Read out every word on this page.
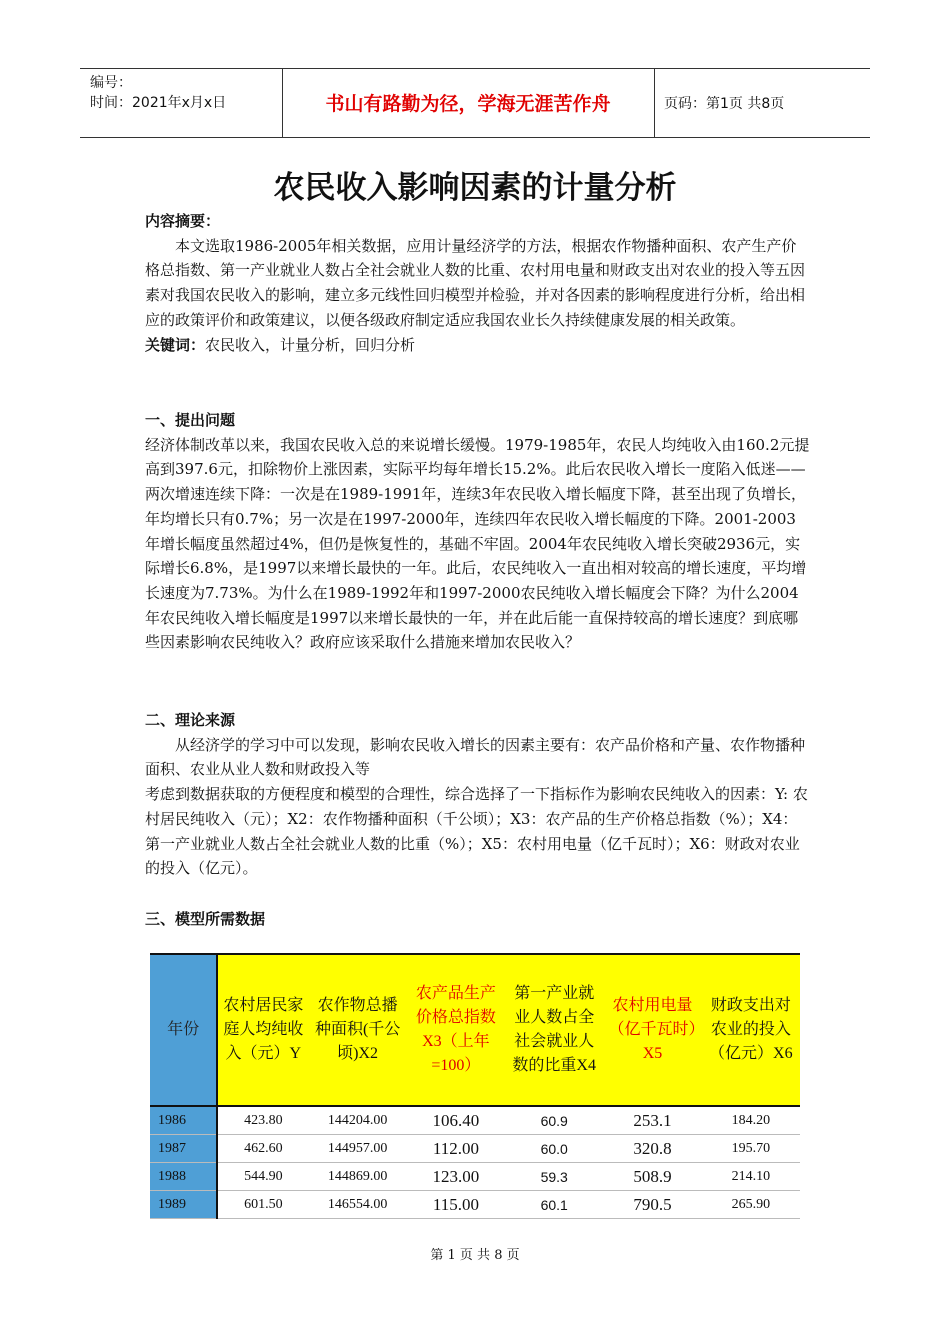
编号：
时间：2021年x月x日	书山有路勤为径，学海无涯苦作舟	页码：第1页 共8页
农民收入影响因素的计量分析
内容摘要：
本文选取1986-2005年相关数据，应用计量经济学的方法，根据农作物播种面积、农产生产价格总指数、第一产业就业人数占全社会就业人数的比重、农村用电量和财政支出对农业的投入等五因素对我国农民收入的影响，建立多元线性回归模型并检验，并对各因素的影响程度进行分析，给出相应的政策评价和政策建议，以便各级政府制定适应我国农业长久持续健康发展的相关政策。
关键词：农民收入，计量分析，回归分析
一、提出问题
经济体制改革以来，我国农民收入总的来说增长缓慢。1979-1985年，农民人均纯收入由160.2元提高到397.6元，扣除物价上涨因素，实际平均每年增长15.2%。此后农民收入增长一度陷入低迷——两次增速连续下降：一次是在1989-1991年，连续3年农民收入增长幅度下降，甚至出现了负增长，年均增长只有0.7%；另一次是在1997-2000年，连续四年农民收入增长幅度的下降。2001-2003年增长幅度虽然超过4%，但仍是恢复性的，基础不牢固。2004年农民纯收入增长突破2936元，实际增长6.8%，是1997以来增长最快的一年。此后，农民纯收入一直出相对较高的增长速度，平均增长速度为7.73%。为什么在1989-1992年和1997-2000农民纯收入增长幅度会下降？为什么2004年农民纯收入增长幅度是1997以来增长最快的一年，并在此后能一直保持较高的增长速度？到底哪些因素影响农民纯收入？政府应该采取什么措施来增加农民收入？
二、理论来源
从经济学的学习中可以发现，影响农民收入增长的因素主要有：农产品价格和产量、农作物播种面积、农业从业人数和财政投入等
考虑到数据获取的方便程度和模型的合理性，综合选择了一下指标作为影响农民纯收入的因素：Y: 农村居民纯收入（元）；X2：农作物播种面积（千公顷）；X3：农产品的生产价格总指数（%）；X4：第一产业就业人数占全社会就业人数的比重（%）；X5：农村用电量（亿千瓦时）；X6：财政对农业的投入（亿元）。
三、模型所需数据
年份	农村居民家庭人均纯收入（元）Y	农作物总播种面积(千公顷)X2	农产品生产价格总指数X3（上年=100）	第一产业就业人数占全社会就业人数的比重X4	农村用电量（亿千瓦时）X5	财政支出对农业的投入（亿元）X6
1986	423.80	144204.00	106.40	60.9	253.1	184.20
1987	462.60	144957.00	112.00	60.0	320.8	195.70
1988	544.90	144869.00	123.00	59.3	508.9	214.10
1989	601.50	146554.00	115.00	60.1	790.5	265.90
第 1 页 共 8 页
